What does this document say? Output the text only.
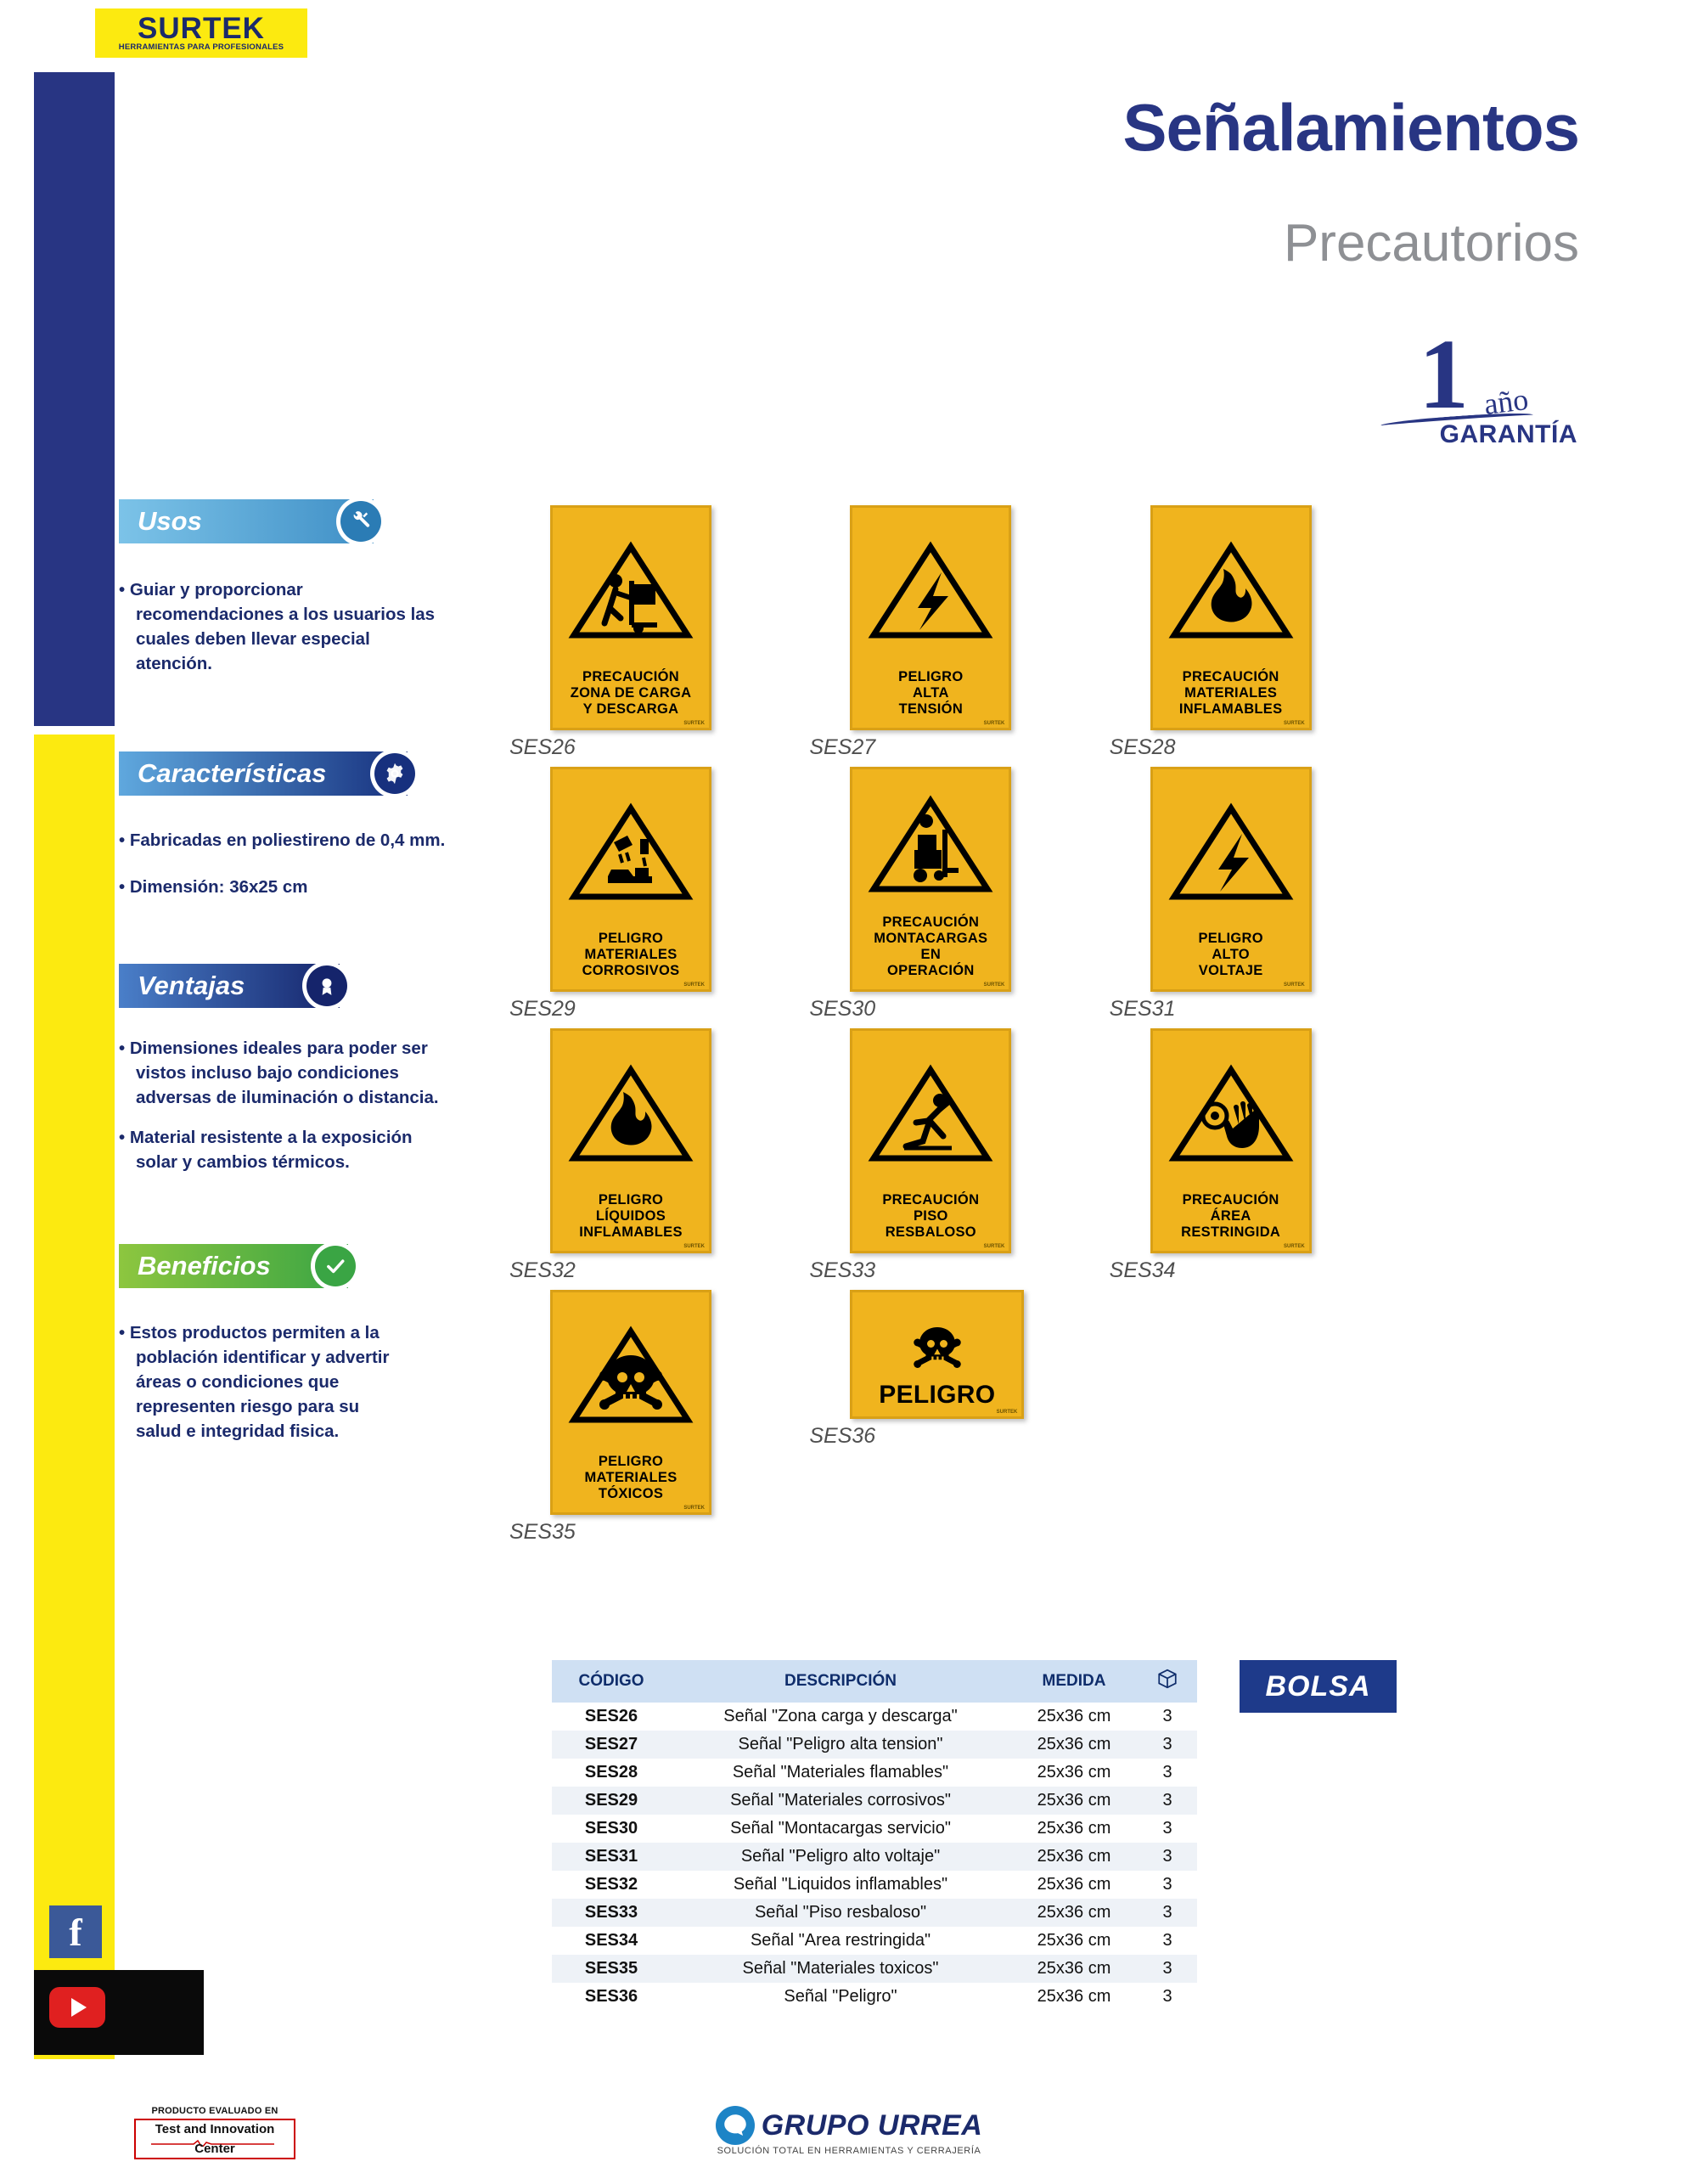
SURTEK
HERRAMIENTAS PARA PROFESIONALES
Señalamientos
Precautorios
1 año
GARANTÍA
Usos

• Guiar y proporcionar recomendaciones a los usuarios las cuales deben llevar especial atención.

Características

• Fabricadas en poliestireno de 0,4 mm.

• Dimensión: 36x25 cm

Ventajas

• Dimensiones ideales para poder ser vistos incluso bajo condiciones adversas de iluminación o distancia.

• Material resistente a la exposición solar y cambios térmicos.

Beneficios

• Estos productos permiten a la población identificar y advertir áreas o condiciones que representen riesgo para su salud e integridad fisica.

PRECAUCIÓN
ZONA DE CARGA
Y DESCARGA
SURTEK
SES26
PELIGRO
ALTA
TENSIÓN
SURTEK
SES27
PRECAUCIÓN
MATERIALES
INFLAMABLES
SURTEK
SES28
PELIGRO
MATERIALES
CORROSIVOS
SURTEK
SES29
PRECAUCIÓN
MONTACARGAS
EN
OPERACIÓN
SURTEK
SES30
PELIGRO
ALTO
VOLTAJE
SURTEK
SES31
PELIGRO
LÍQUIDOS
INFLAMABLES
SURTEK
SES32
PRECAUCIÓN
PISO
RESBALOSO
SURTEK
SES33
PRECAUCIÓN
ÁREA
RESTRINGIDA
SURTEK
SES34
PELIGRO
MATERIALES
TÓXICOS
SURTEK
SES35
PELIGRO
SURTEK
SES36
CÓDIGO	DESCRIPCIÓN	MEDIDA	
SES26	Señal "Zona carga y descarga"	25x36 cm	3
SES27	Señal "Peligro alta tension"	25x36 cm	3
SES28	Señal "Materiales flamables"	25x36 cm	3
SES29	Señal "Materiales corrosivos"	25x36 cm	3
SES30	Señal "Montacargas servicio"	25x36 cm	3
SES31	Señal "Peligro alto voltaje"	25x36 cm	3
SES32	Señal "Liquidos inflamables"	25x36 cm	3
SES33	Señal "Piso resbaloso"	25x36 cm	3
SES34	Señal "Area restringida"	25x36 cm	3
SES35	Señal "Materiales toxicos"	25x36 cm	3
SES36	Señal "Peligro"	25x36 cm	3
BOLSA
f
PRODUCTO EVALUADO EN
Test and Innovation
Center
GRUPO URREA
SOLUCIÓN TOTAL EN HERRAMIENTAS Y CERRAJERÍA
